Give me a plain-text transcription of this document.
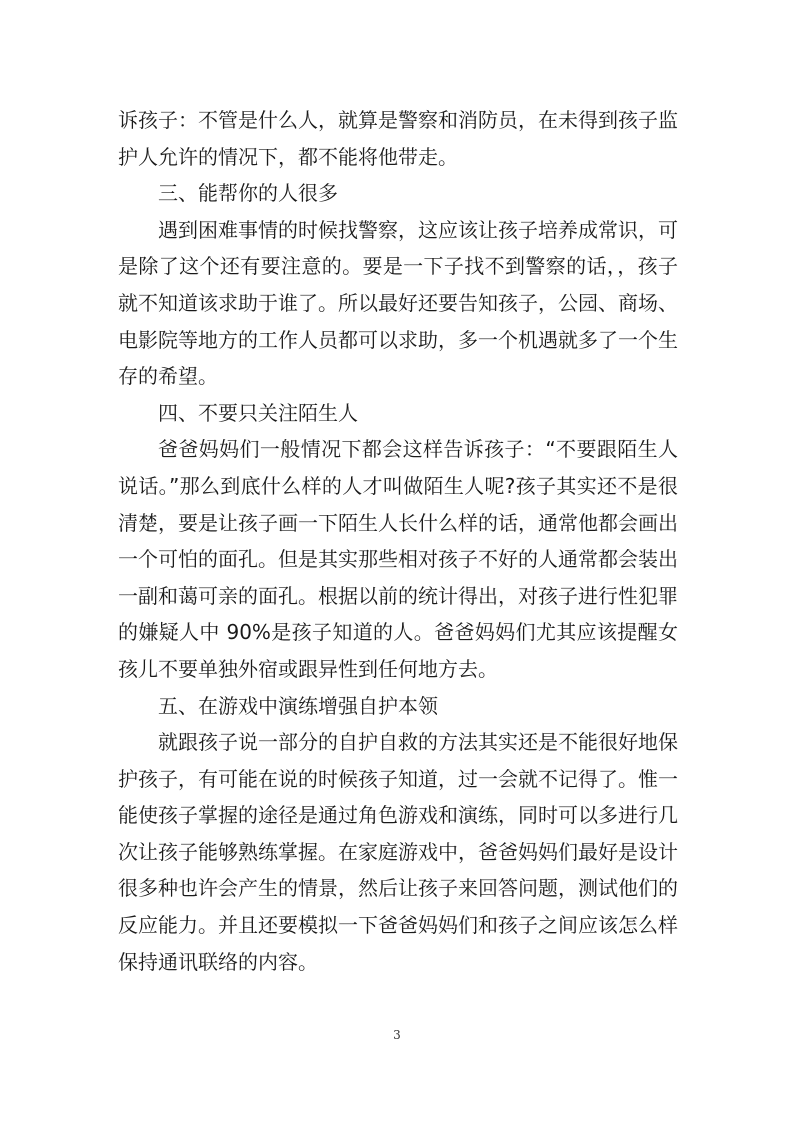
诉孩子：不管是什么人，就算是警察和消防员，在未得到孩子监护人允许的情况下，都不能将他带走。

三、能帮你的人很多

遇到困难事情的时候找警察，这应该让孩子培养成常识，可是除了这个还有要注意的。要是一下子找不到警察的话，，孩子就不知道该求助于谁了。所以最好还要告知孩子，公园、商场、电影院等地方的工作人员都可以求助，多一个机遇就多了一个生存的希望。

四、不要只关注陌生人

爸爸妈妈们一般情况下都会这样告诉孩子：“不要跟陌生人说话。”那么到底什么样的人才叫做陌生人呢?孩子其实还不是很清楚，要是让孩子画一下陌生人长什么样的话，通常他都会画出一个可怕的面孔。但是其实那些相对孩子不好的人通常都会装出一副和蔼可亲的面孔。根据以前的统计得出，对孩子进行性犯罪的嫌疑人中 90%是孩子知道的人。爸爸妈妈们尤其应该提醒女孩儿不要单独外宿或跟异性到任何地方去。

五、在游戏中演练增强自护本领

就跟孩子说一部分的自护自救的方法其实还是不能很好地保护孩子，有可能在说的时候孩子知道，过一会就不记得了。惟一能使孩子掌握的途径是通过角色游戏和演练，同时可以多进行几次让孩子能够熟练掌握。在家庭游戏中，爸爸妈妈们最好是设计很多种也许会产生的情景，然后让孩子来回答问题，测试他们的反应能力。并且还要模拟一下爸爸妈妈们和孩子之间应该怎么样保持通讯联络的内容。

3
